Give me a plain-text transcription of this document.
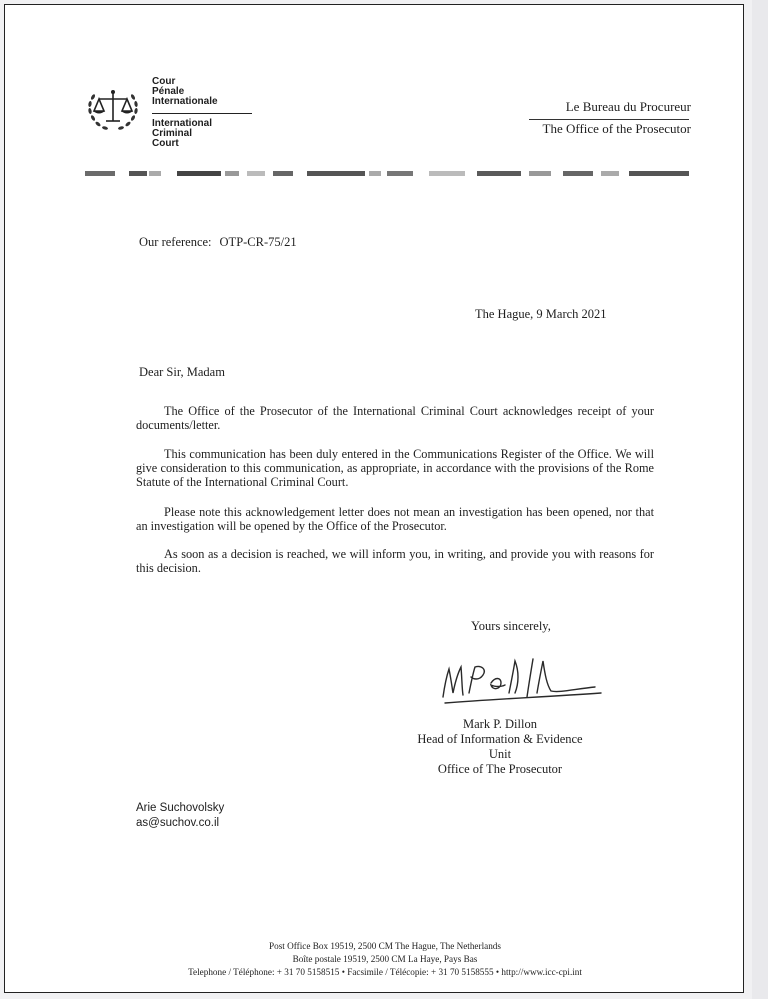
Cour
Pénale
Internationale
International
Criminal
Court
Le Bureau du Procureur
The Office of the Prosecutor
Our reference: OTP-CR-75/21
The Hague, 9 March 2021
Dear Sir, Madam
The Office of the Prosecutor of the International Criminal Court acknowledges receipt of your documents/letter.
This communication has been duly entered in the Communications Register of the Office. We will give consideration to this communication, as appropriate, in accordance with the provisions of the Rome Statute of the International Criminal Court.
Please note this acknowledgement letter does not mean an investigation has been opened, nor that an investigation will be opened by the Office of the Prosecutor.
As soon as a decision is reached, we will inform you, in writing, and provide you with reasons for this decision.
Yours sincerely,
Mark P. Dillon
Head of Information & Evidence Unit
Office of The Prosecutor
Arie Suchovolsky
as@suchov.co.il
Post Office Box 19519, 2500 CM The Hague, The Netherlands
Boîte postale 19519, 2500 CM La Haye, Pays Bas
Telephone / Téléphone: + 31 70 5158515 • Facsimile / Télécopie: + 31 70 5158555 • http://www.icc-cpi.int
